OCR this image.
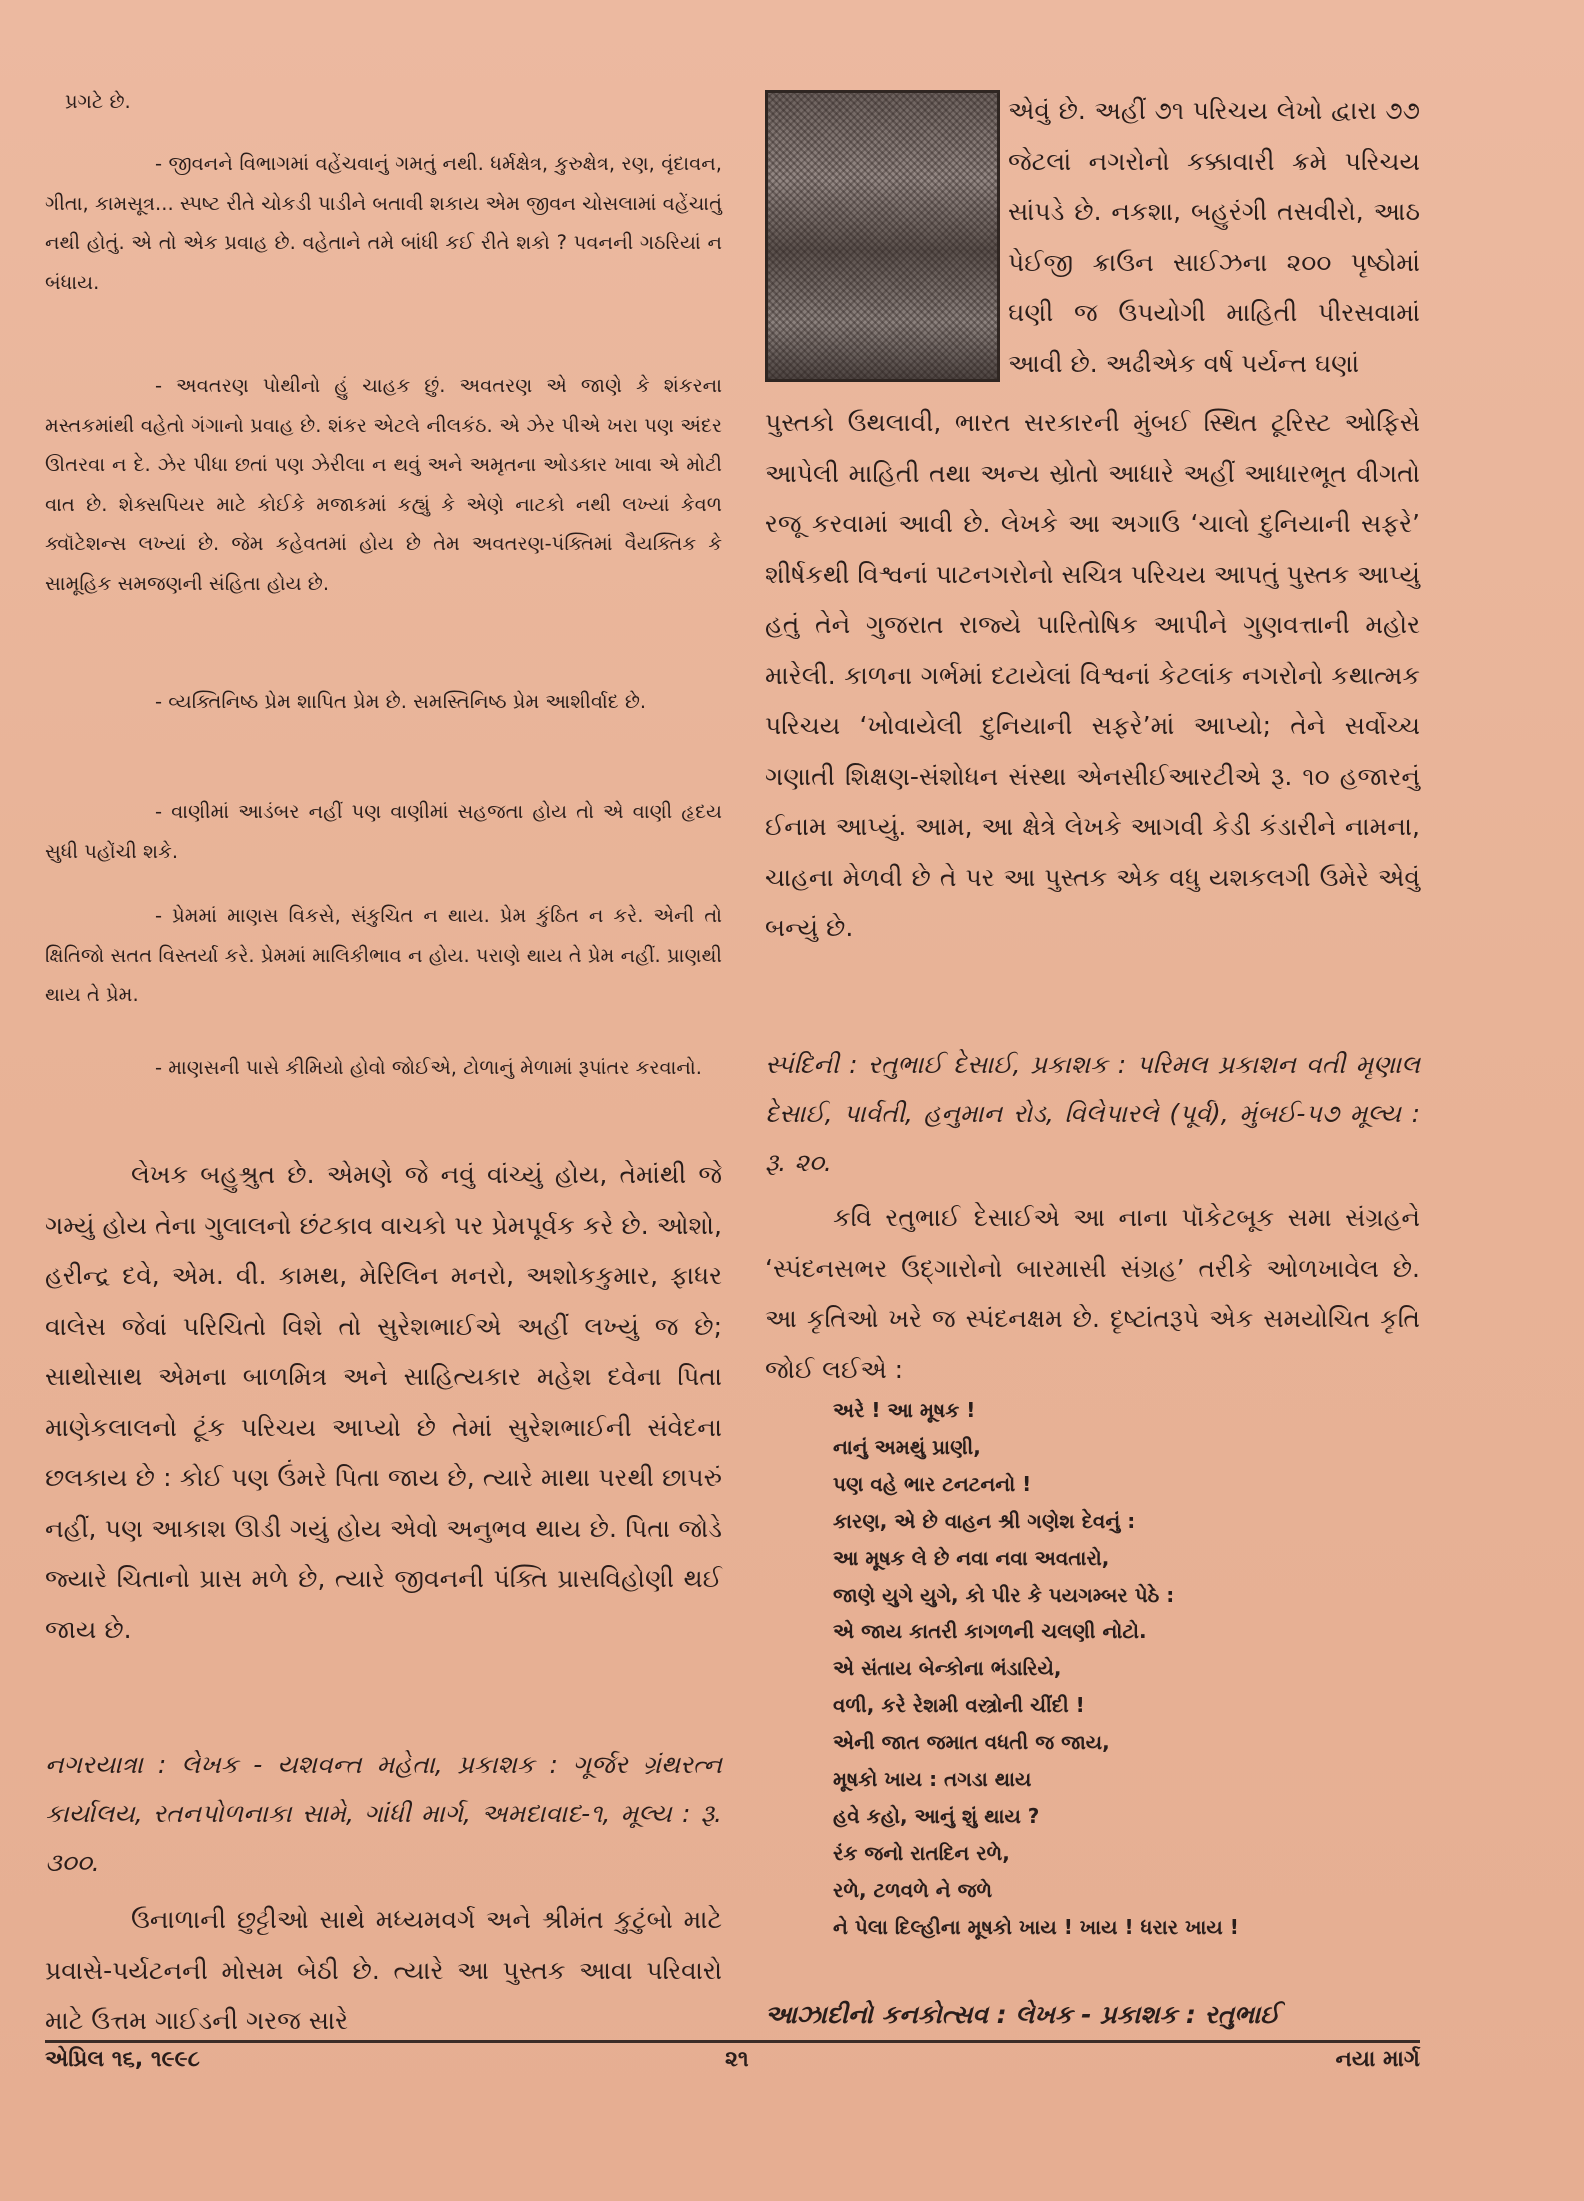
પ્રગટે છે.

- જીવનને વિભાગમાં વહેંચવાનું ગમતું નથી. ધર્મક્ષેત્ર, કુરુક્ષેત્ર, રણ, વૃંદાવન, ગીતા, કામસૂત્ર... સ્પષ્ટ રીતે ચોકડી પાડીને બતાવી શકાય એમ જીવન ચોસલામાં વહેંચાતું નથી હોતું. એ તો એક પ્રવાહ છે. વહેતાને તમે બાંધી કઈ રીતે શકો ? પવનની ગઠરિયાં ન બંધાય.

- અવતરણ પોથીનો હું ચાહક છું. અવતરણ એ જાણે કે શંકરના મસ્તકમાંથી વહેતો ગંગાનો પ્રવાહ છે. શંકર એટલે નીલકંઠ. એ ઝેર પીએ ખરા પણ અંદર ઊતરવા ન દે. ઝેર પીધા છતાં પણ ઝેરીલા ન થવું અને અમૃતના ઓડકાર ખાવા એ મોટી વાત છે. શેક્સપિયર માટે કોઈકે મજાકમાં કહ્યું કે એણે નાટકો નથી લખ્યાં કેવળ ક્વૉટેશન્સ લખ્યાં છે. જેમ કહેવતમાં હોય છે તેમ અવતરણ-પંક્તિમાં વૈયક્તિક કે સામૂહિક સમજણની સંહિતા હોય છે.

- વ્યક્તિનિષ્ઠ પ્રેમ શાપિત પ્રેમ છે. સમસ્તિનિષ્ઠ પ્રેમ આશીર્વાદ છે.

- વાણીમાં આડંબર નહીં પણ વાણીમાં સહજતા હોય તો એ વાણી હૃદય સુધી પહોંચી શકે.

- પ્રેમમાં માણસ વિકસે, સંકુચિત ન થાય. પ્રેમ કુંઠિત ન કરે. એની તો ક્ષિતિજો સતત વિસ્તર્યા કરે. પ્રેમમાં માલિકીભાવ ન હોય. પરાણે થાય તે પ્રેમ નહીં. પ્રાણથી થાય તે પ્રેમ.

- માણસની પાસે કીમિયો હોવો જોઈએ, ટોળાનું મેળામાં રૂપાંતર કરવાનો.

લેખક બહુશ્રુત છે. એમણે જે નવું વાંચ્યું હોય, તેમાંથી જે ગમ્યું હોય તેના ગુલાલનો છંટકાવ વાચકો પર પ્રેમપૂર્વક કરે છે. ઓશો, હરીન્દ્ર દવે, એમ. વી. કામથ, મેરિલિન મનરો, અશોકકુમાર, ફાધર વાલેસ જેવાં પરિચિતો વિશે તો સુરેશભાઈએ અહીં લખ્યું જ છે; સાથોસાથ એમના બાળમિત્ર અને સાહિત્યકાર મહેશ દવેના પિતા માણેકલાલનો ટૂંક પરિચય આપ્યો છે તેમાં સુરેશભાઈની સંવેદના છલકાય છે : કોઈ પણ ઉંમરે પિતા જાય છે, ત્યારે માથા પરથી છાપરું નહીં, પણ આકાશ ઊડી ગયું હોય એવો અનુભવ થાય છે. પિતા જોડે જ્યારે ચિતાનો પ્રાસ મળે છે, ત્યારે જીવનની પંક્તિ પ્રાસવિહોણી થઈ જાય છે.

નગરયાત્રા : લેખક - યશવન્ત મહેતા, પ્રકાશક : ગૂર્જર ગ્રંથરત્ન કાર્યાલય, રતનપોળનાકા સામે, ગાંધી માર્ગ, અમદાવાદ-૧, મૂલ્ય : રૂ. ૩૦૦.

ઉનાળાની છુટ્ટીઓ સાથે મધ્યમવર્ગ અને શ્રીમંત કુટુંબો માટે પ્રવાસે-પર્યટનની મોસમ બેઠી છે. ત્યારે આ પુસ્તક આવા પરિવારો માટે ઉત્તમ ગાઈડની ગરજ સારે

એવું છે. અહીં ૭૧ પરિચય લેખો દ્વારા ૭૭ જેટલાં નગરોનો કક્કાવારી ક્રમે પરિચય સાંપડે છે. નકશા, બહુરંગી તસવીરો, આઠ પેઈજી ક્રાઉન સાઈઝના ૨૦૦ પૃષ્ઠોમાં ઘણી જ ઉપયોગી માહિતી પીરસવામાં આવી છે. અઢીએક વર્ષ પર્યન્ત ઘણાં

પુસ્તકો ઉથલાવી, ભારત સરકારની મુંબઈ સ્થિત ટૂરિસ્ટ ઓફિસે આપેલી માહિતી તથા અન્ય સ્રોતો આધારે અહીં આધારભૂત વીગતો રજૂ કરવામાં આવી છે. લેખકે આ અગાઉ ‘ચાલો દુનિયાની સફરે’ શીર્ષકથી વિશ્વનાં પાટનગરોનો સચિત્ર પરિચય આપતું પુસ્તક આપ્યું હતું તેને ગુજરાત રાજ્યે પારિતોષિક આપીને ગુણવત્તાની મહોર મારેલી. કાળના ગર્ભમાં દટાયેલાં વિશ્વનાં કેટલાંક નગરોનો કથાત્મક પરિચય ‘ખોવાયેલી દુનિયાની સફરે’માં આપ્યો; તેને સર્વોચ્ચ ગણાતી શિક્ષણ-સંશોધન સંસ્થા એનસીઈઆરટીએ રૂ. ૧૦ હજારનું ઈનામ આપ્યું. આમ, આ ક્ષેત્રે લેખકે આગવી કેડી કંડારીને નામના, ચાહના મેળવી છે તે પર આ પુસ્તક એક વધુ યશકલગી ઉમેરે એવું બન્યું છે.

સ્પંદિની : રતુભાઈ દેસાઈ, પ્રકાશક : પરિમલ પ્રકાશન વતી મૃણાલ દેસાઈ, પાર્વતી, હનુમાન રોડ, વિલેપારલે (પૂર્વ), મુંબઈ-૫૭ મૂલ્ય : રૂ. ૨૦.

કવિ રતુભાઈ દેસાઈએ આ નાના પૉકેટબૂક સમા સંગ્રહને ‘સ્પંદનસભર ઉદ્ગારોનો બારમાસી સંગ્રહ’ તરીકે ઓળખાવેલ છે. આ કૃતિઓ ખરે જ સ્પંદનક્ષમ છે. દૃષ્ટાંતરૂપે એક સમયોચિત કૃતિ જોઈ લઈએ :

અરે ! આ મૂષક !

નાનું અમથું પ્રાણી,

પણ વહે ભાર ટનટનનો !

કારણ, એ છે વાહન શ્રી ગણેશ દેવનું :

આ મૂષક લે છે નવા નવા અવતારો,

જાણે યુગે યુગે, કો પીર કે પયગમ્બર પેઠે :

એ જાય કાતરી કાગળની ચલણી નોટો.

એ સંતાય બેન્કોના ભંડારિયે,

વળી, કરે રેશમી વસ્ત્રોની ચીંદી !

એની જાત જમાત વધતી જ જાય,

મૂષકો ખાય : તગડા થાય

હવે કહો, આનું શું થાય ?

રંક જનો રાતદિન રળે,

રળે, ટળવળે ને જળે

ને પેલા દિલ્હીના મૂષકો ખાય ! ખાય ! ધરાર ખાય !

આઝાદીનો કનકોત્સવ : લેખક - પ્રકાશક : રતુભાઈ

એપ્રિલ ૧૬, ૧૯૯૮	૨૧	નયા માર્ગ
